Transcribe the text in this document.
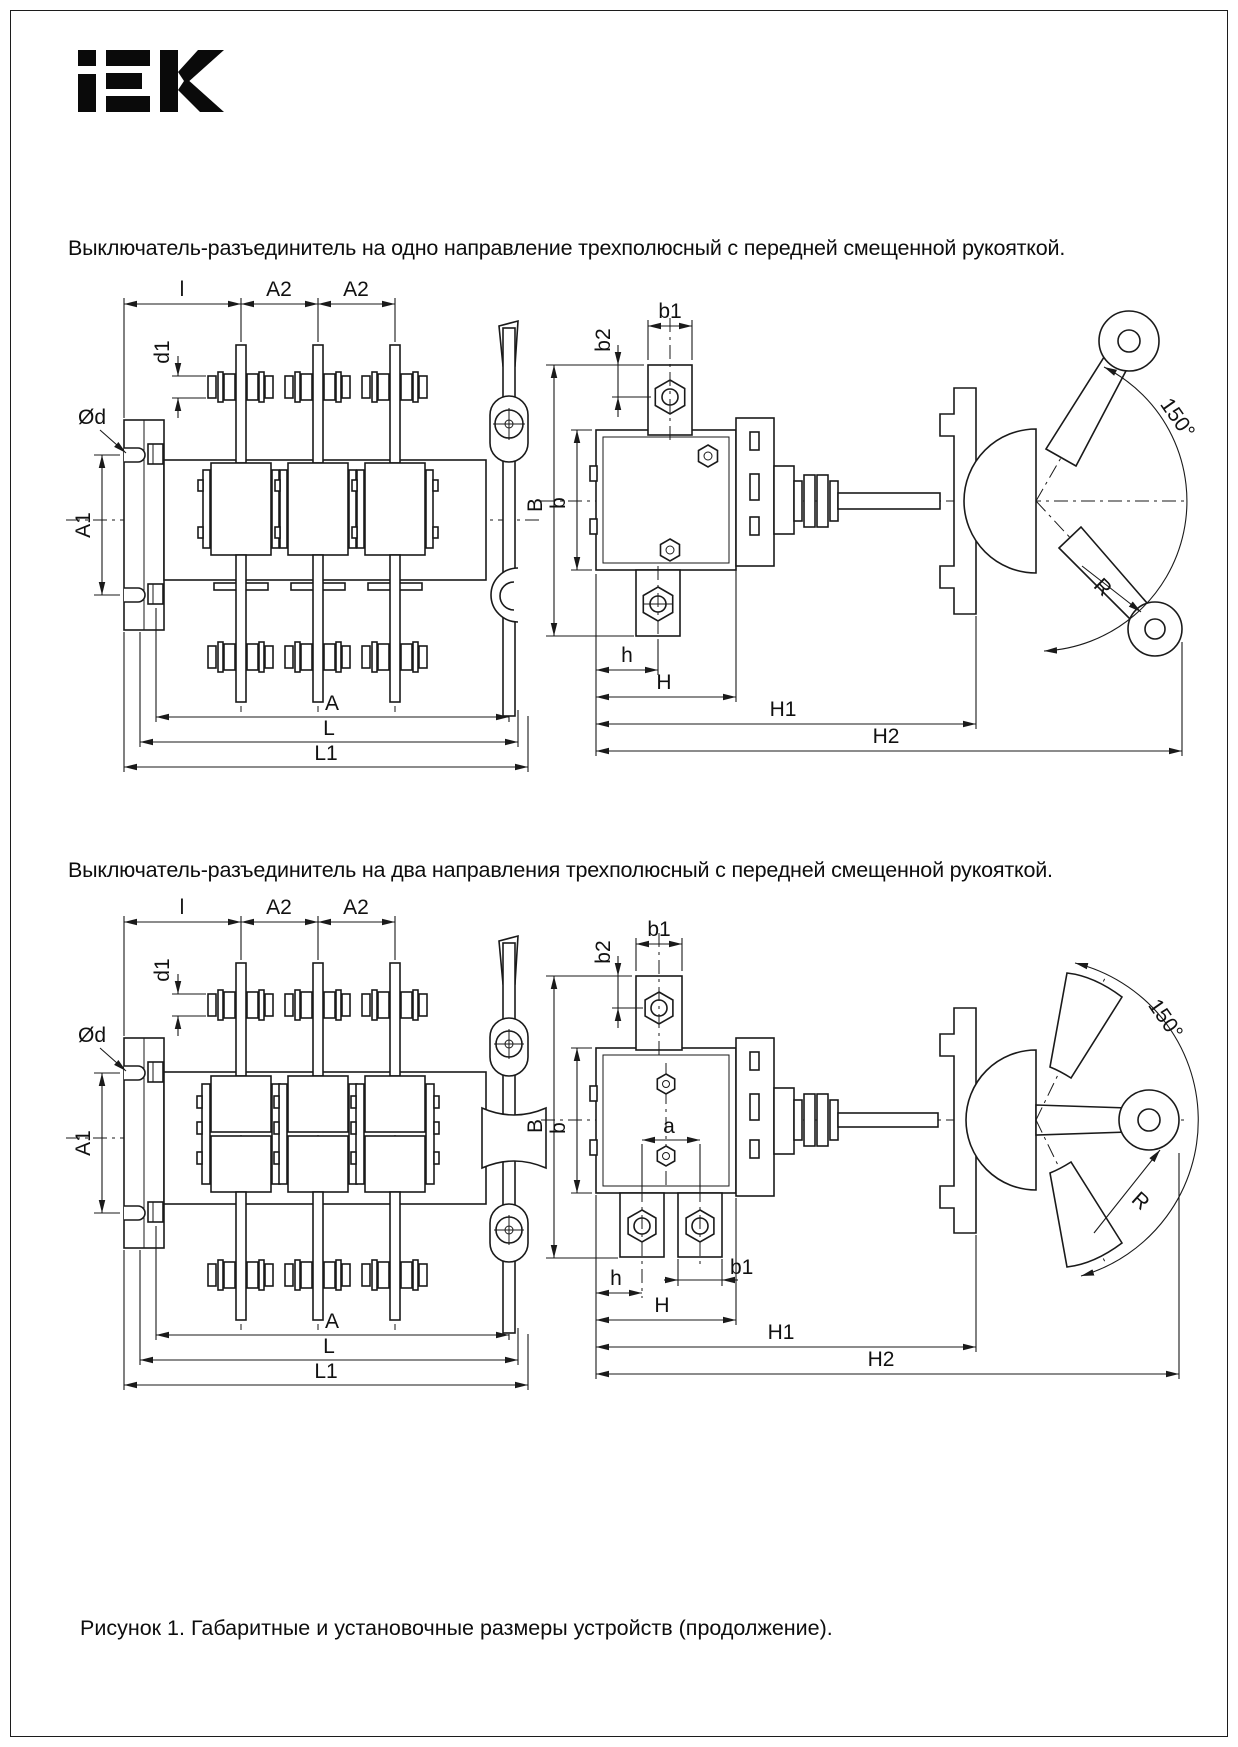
Выключатель-разъединитель на одно направление трехполюсный с передней смещенной рукояткой.
l	A2 A2
d1
Ød
A1
A
L
L1
150°
R
b1
b2
B b
h
H
H1
H2
Выключатель-разъединитель на два направления трехполюсный с передней смещенной рукояткой.
l	A2 A2
d1
Ød
A1
A
L
L1
150°
R
b1
b2
B b	a
b1
h
H
H1
H2
Рисунок 1. Габаритные и установочные размеры устройств (продолжение).
